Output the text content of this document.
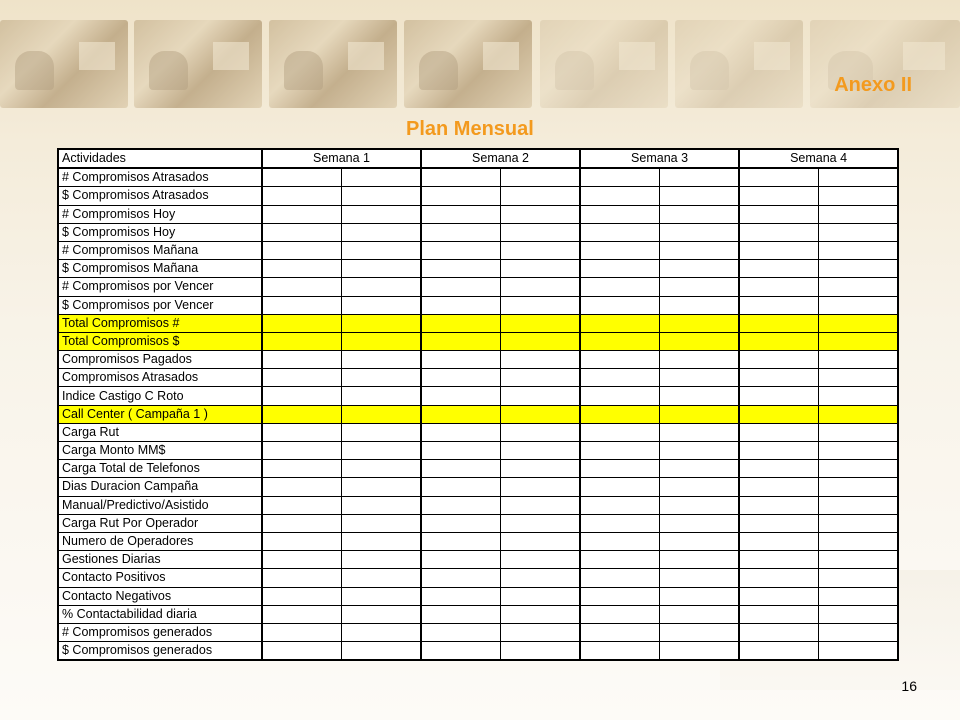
Anexo II
Plan Mensual
Actividades	Semana 1		Semana 2		Semana 3		Semana 4	
# Compromisos Atrasados								
$ Compromisos Atrasados								
# Compromisos Hoy								
$ Compromisos Hoy								
# Compromisos Mañana								
$ Compromisos Mañana								
# Compromisos por Vencer								
$ Compromisos por Vencer								
Total Compromisos #								
Total Compromisos $								
Compromisos Pagados								
Compromisos Atrasados								
Indice Castigo C Roto								
Call Center ( Campaña 1 )								
Carga Rut								
Carga Monto MM$								
Carga Total de Telefonos								
Dias Duracion Campaña								
Manual/Predictivo/Asistido								
Carga Rut Por Operador								
Numero de Operadores								
Gestiones Diarias								
Contacto Positivos								
Contacto Negativos								
% Contactabilidad diaria								
# Compromisos generados								
$ Compromisos generados								
16
